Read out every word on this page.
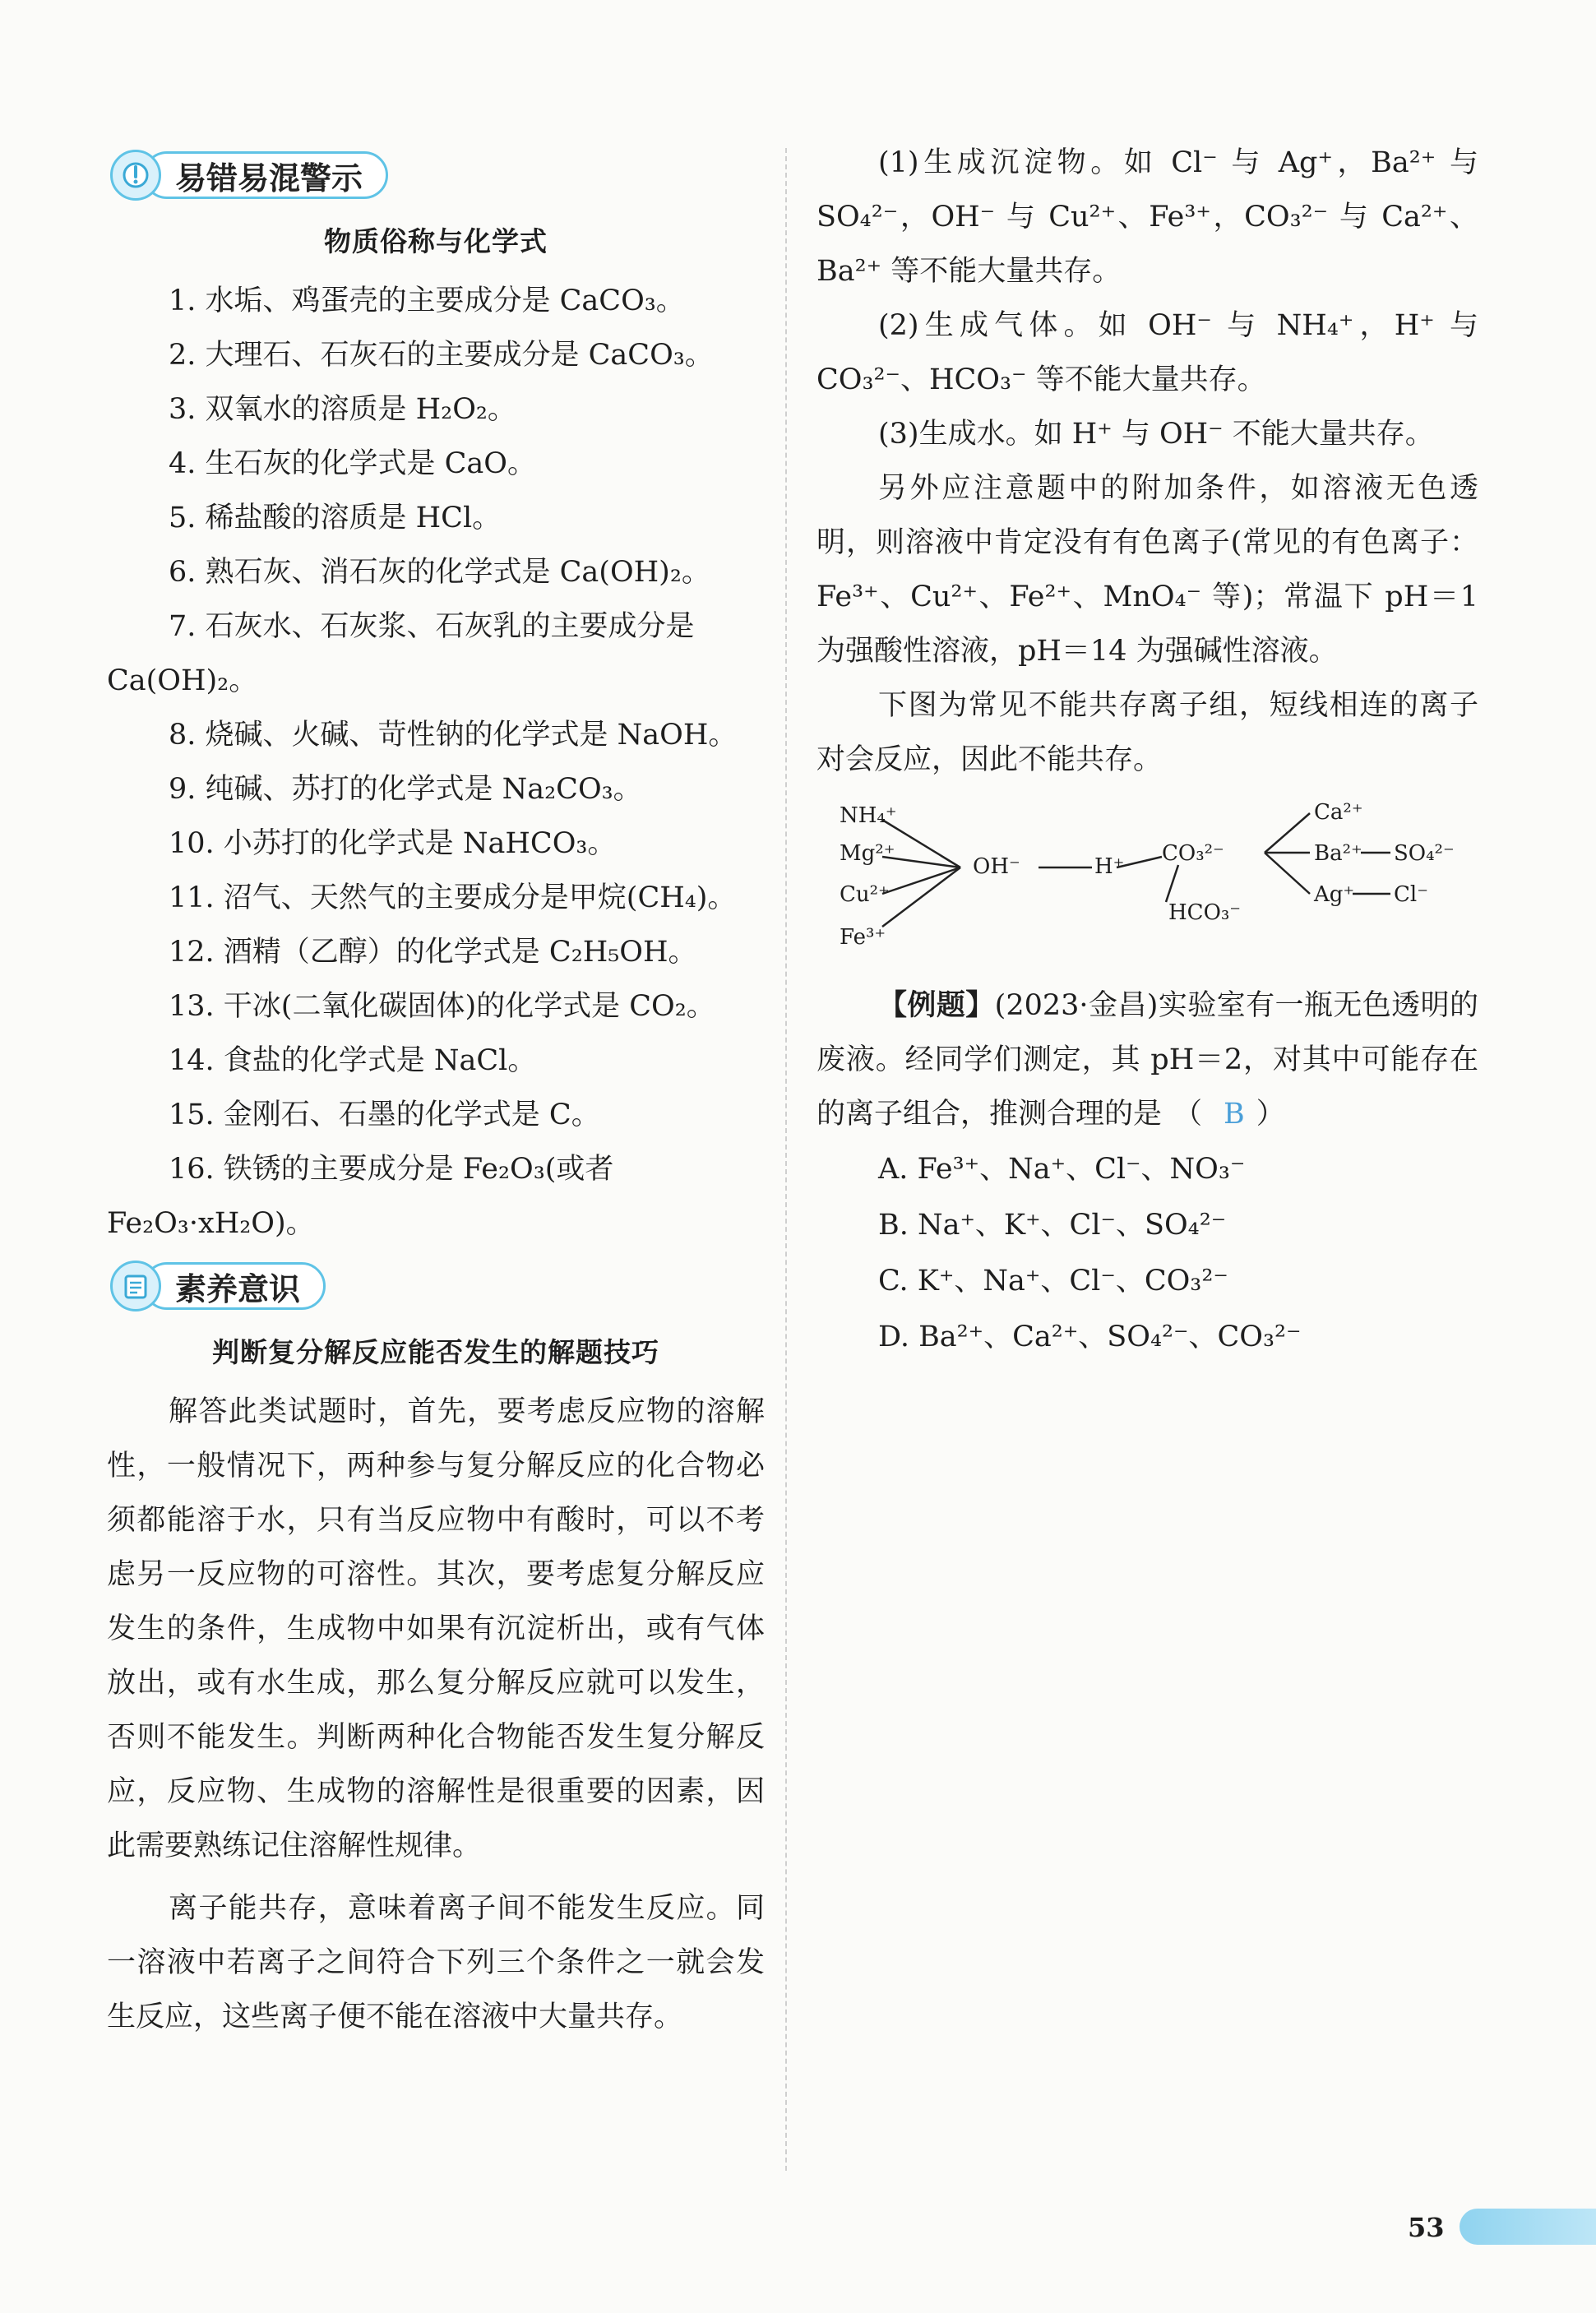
易错易混警示
物质俗称与化学式
1. 水垢、鸡蛋壳的主要成分是 CaCO₃。
2. 大理石、石灰石的主要成分是 CaCO₃。
3. 双氧水的溶质是 H₂O₂。
4. 生石灰的化学式是 CaO。
5. 稀盐酸的溶质是 HCl。
6. 熟石灰、消石灰的化学式是 Ca(OH)₂。
7. 石灰水、石灰浆、石灰乳的主要成分是 Ca(OH)₂。
8. 烧碱、火碱、苛性钠的化学式是 NaOH。
9. 纯碱、苏打的化学式是 Na₂CO₃。
10. 小苏打的化学式是 NaHCO₃。
11. 沼气、天然气的主要成分是甲烷(CH₄)。
12. 酒精（乙醇）的化学式是 C₂H₅OH。
13. 干冰(二氧化碳固体)的化学式是 CO₂。
14. 食盐的化学式是 NaCl。
15. 金刚石、石墨的化学式是 C。
16. 铁锈的主要成分是 Fe₂O₃(或者 Fe₂O₃·xH₂O)。
素养意识
判断复分解反应能否发生的解题技巧
解答此类试题时，首先，要考虑反应物的溶解性，一般情况下，两种参与复分解反应的化合物必须都能溶于水，只有当反应物中有酸时，可以不考虑另一反应物的可溶性。其次，要考虑复分解反应发生的条件，生成物中如果有沉淀析出，或有气体放出，或有水生成，那么复分解反应就可以发生，否则不能发生。判断两种化合物能否发生复分解反应，反应物、生成物的溶解性是很重要的因素，因此需要熟练记住溶解性规律。
离子能共存，意味着离子间不能发生反应。同一溶液中若离子之间符合下列三个条件之一就会发生反应，这些离子便不能在溶液中大量共存。
(1)生成沉淀物。如 Cl⁻ 与 Ag⁺，Ba²⁺ 与 SO₄²⁻，OH⁻ 与 Cu²⁺、Fe³⁺，CO₃²⁻ 与 Ca²⁺、Ba²⁺ 等不能大量共存。
(2)生成气体。如 OH⁻ 与 NH₄⁺，H⁺ 与 CO₃²⁻、HCO₃⁻ 等不能大量共存。
(3)生成水。如 H⁺ 与 OH⁻ 不能大量共存。
另外应注意题中的附加条件，如溶液无色透明，则溶液中肯定没有有色离子(常见的有色离子：Fe³⁺、Cu²⁺、Fe²⁺、MnO₄⁻ 等)；常温下 pH＝1 为强酸性溶液，pH＝14 为强碱性溶液。
下图为常见不能共存离子组，短线相连的离子对会反应，因此不能共存。
NH₄⁺
Mg²⁺
Cu²⁺
Fe³⁺
OH⁻	H⁺
CO₃²⁻
HCO₃⁻
Ca²⁺
Ba²⁺
Ag⁺
SO₄²⁻
Cl⁻
【例题】(2023·金昌)实验室有一瓶无色透明的废液。经同学们测定，其 pH＝2，对其中可能存在的离子组合，推测合理的是 （ B ）
A. Fe³⁺、Na⁺、Cl⁻、NO₃⁻
B. Na⁺、K⁺、Cl⁻、SO₄²⁻
C. K⁺、Na⁺、Cl⁻、CO₃²⁻
D. Ba²⁺、Ca²⁺、SO₄²⁻、CO₃²⁻
53
